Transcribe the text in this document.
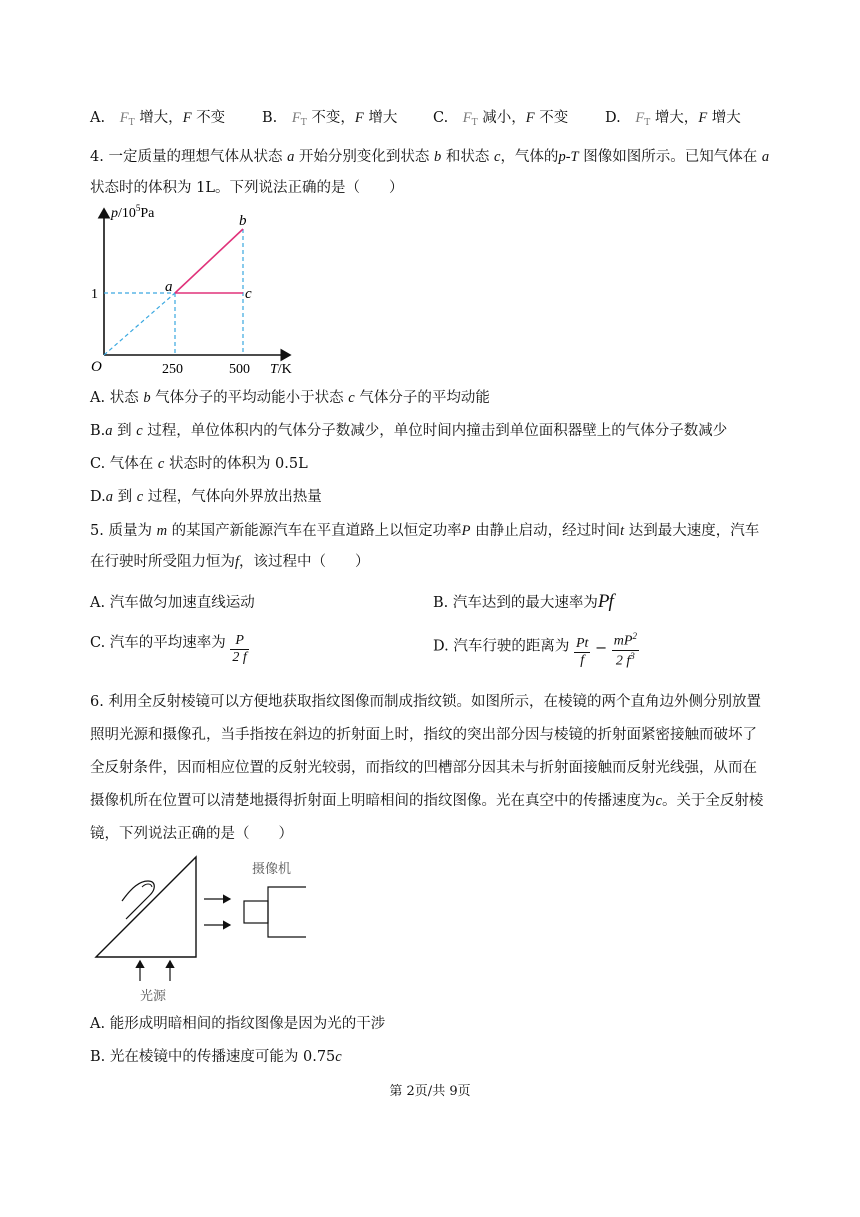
A. $F_T$ 增大，F 不变	B. $F_T$ 不变，F 增大 C. $F_T$ 减小，F 不变	D. $F_T$ 增大，F 增大
4. 一定质量的理想气体从状态 a 开始分别变化到状态 b 和状态 c，气体的p-T 图像如图所示。已知气体在 a
状态时的体积为 1L。下列说法正确的是（　　）
$p/10^5Pa$
T/K
O
1
250	500
a
b
c
A. 状态 b 气体分子的平均动能小于状态 c 气体分子的平均动能
B.a 到 c 过程，单位体积内的气体分子数减少，单位时间内撞击到单位面积器壁上的气体分子数减少
C. 气体在 c 状态时的体积为 0.5L
D.a 到 c 过程，气体向外界放出热量
5. 质量为 m 的某国产新能源汽车在平直道路上以恒定功率P 由静止启动，经过时间t 达到最大速度，汽车
在行驶时所受阻力恒为f，该过程中（　　）
A. 汽车做匀加速直线运动	B. 汽车达到的最大速率为Pf
C. 汽车的平均速率为 $\frac{P}{2 f}$	D. 汽车行驶的距离为 $\frac{Pt}{f} - \frac{mP^2}{2 f^3}$
6. 利用全反射棱镜可以方便地获取指纹图像而制成指纹锁。如图所示，在棱镜的两个直角边外侧分别放置
照明光源和摄像孔，当手指按在斜边的折射面上时，指纹的突出部分因与棱镜的折射面紧密接触而破坏了
全反射条件，因而相应位置的反射光较弱，而指纹的凹槽部分因其未与折射面接触而反射光线强，从而在
摄像机所在位置可以清楚地摄得折射面上明暗相间的指纹图像。光在真空中的传播速度为c。关于全反射棱
镜，下列说法正确的是（　　）
摄像机
光源
A. 能形成明暗相间的指纹图像是因为光的干涉
B. 光在棱镜中的传播速度可能为 0.75c
第 2页/共 9页
